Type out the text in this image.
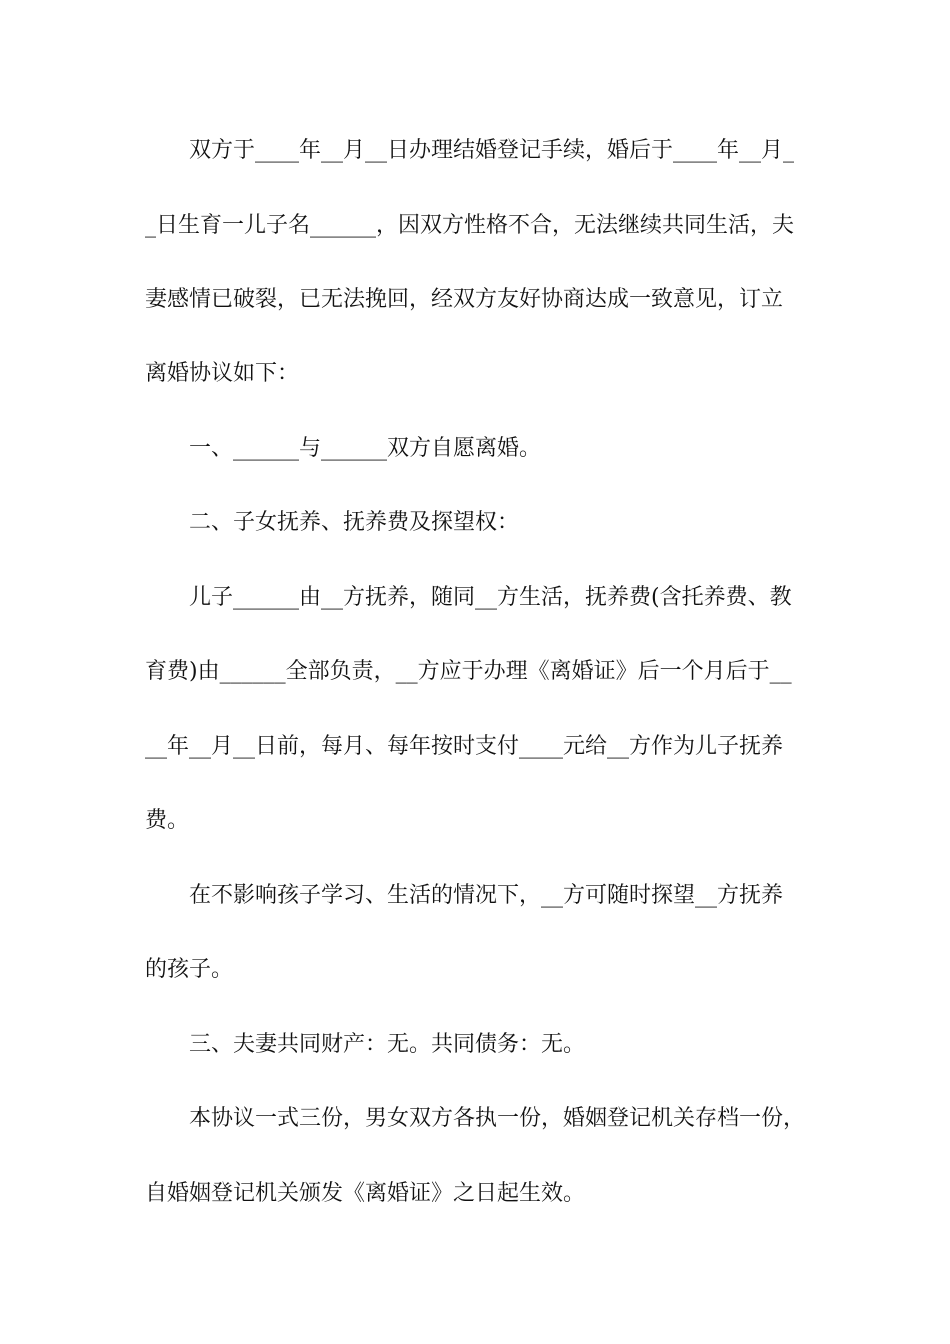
双方于____年__月__日办理结婚登记手续，婚后于____年__月_

_日生育一儿子名______，因双方性格不合，无法继续共同生活，夫

妻感情已破裂，已无法挽回，经双方友好协商达成一致意见，订立

离婚协议如下：

一、______与______双方自愿离婚。

二、子女抚养、抚养费及探望权：

儿子______由__方抚养，随同__方生活，抚养费(含托养费、教

育费)由______全部负责，__方应于办理《离婚证》后一个月后于__

__年__月__日前，每月、每年按时支付____元给__方作为儿子抚养

费。

在不影响孩子学习、生活的情况下，__方可随时探望__方抚养

的孩子。

三、夫妻共同财产：无。共同债务：无。

本协议一式三份，男女双方各执一份，婚姻登记机关存档一份，

自婚姻登记机关颁发《离婚证》之日起生效。
